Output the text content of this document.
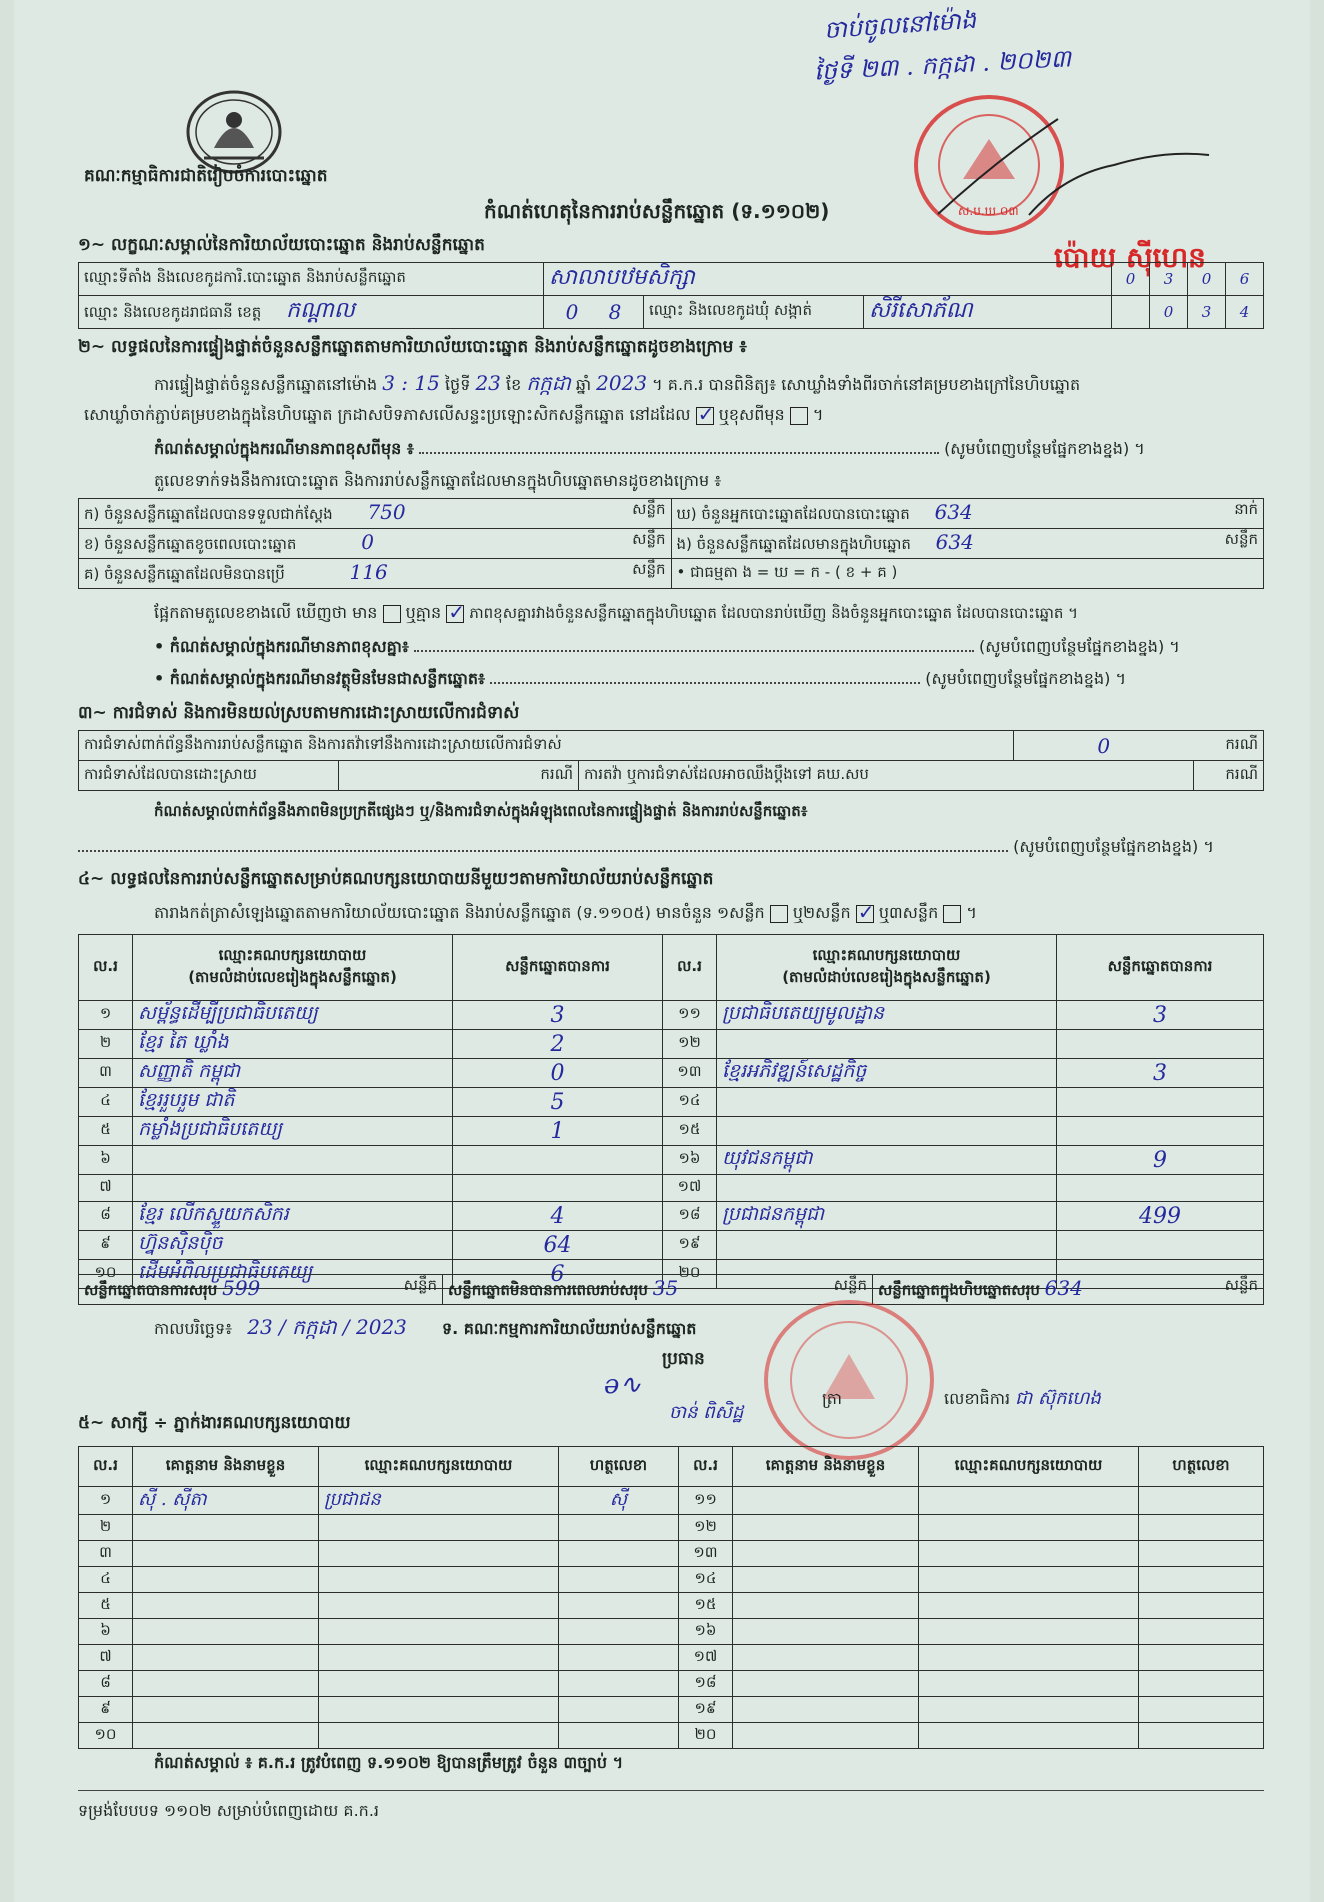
ចាប់ចូលនៅម៉ោង
ថ្ងៃទី ២៣ . កក្កដា . ២០២៣
ស.ប.ឃ ០៣
ប៉ោយ ស៊ីហេន
គណៈកម្មាធិការជាតិរៀបចំការបោះឆ្នោត
កំណត់ហេតុនៃការរាប់សន្លឹកឆ្នោត (ទ.១១០២)
១~ លក្ខណៈសម្គាល់នៃការិយាល័យបោះឆ្នោត និងរាប់សន្លឹកឆ្នោត
ឈ្មោះទីតាំង និងលេខកូដការិ.បោះឆ្នោត និងរាប់សន្លឹកឆ្នោត	សាលាបឋមសិក្សា			0	3	0	6
ឈ្មោះ និងលេខកូដរាជធានី ខេត្ត កណ្តាល	0 8	ឈ្មោះ និងលេខកូដឃុំ សង្កាត់	សិរីសោភ័ណ		0	3	4
២~ លទ្ធផលនៃការផ្ទៀងផ្ទាត់ចំនួនសន្លឹកឆ្នោតតាមការិយាល័យបោះឆ្នោត និងរាប់សន្លឹកឆ្នោតដូចខាងក្រោម ៖
ការផ្ទៀងផ្ទាត់ចំនួនសន្លឹកឆ្នោតនៅម៉ោង 3 : 15 ថ្ងៃទី 23 ខែ កក្កដា ឆ្នាំ 2023 ។ គ.ក.រ បានពិនិត្យ៖ សោឃ្លាំងទាំងពីរចាក់នៅគម្របខាងក្រៅនៃហិបឆ្នោត
សោឃ្លាំចាក់ភ្ជាប់គម្របខាងក្នុងនៃហិបឆ្នោត ក្រដាសបិទភាសលើសន្ទះប្រឡោះសិកសន្លឹកឆ្នោត នៅដដែល ✓ ឬខុសពីមុន  ។
កំណត់សម្គាល់ក្នុងករណីមានភាពខុសពីមុន ៖	(សូមបំពេញបន្ថែមផ្នែកខាងខ្នង) ។
តួលេខទាក់ទងនឹងការបោះឆ្នោត និងការរាប់សន្លឹកឆ្នោតដែលមានក្នុងហិបឆ្នោតមានដូចខាងក្រោម ៖
ក) ចំនួនសន្លឹកឆ្នោតដែលបានទទួលជាក់ស្តែង 750 សន្លឹក	ឃ) ចំនួនអ្នកបោះឆ្នោតដែលបានបោះឆ្នោត 634 នាក់

ខ) ចំនួនសន្លឹកឆ្នោតខូចពេលបោះឆ្នោត 0 សន្លឹក	ង) ចំនួនសន្លឹកឆ្នោតដែលមានក្នុងហិបឆ្នោត 634 សន្លឹក

គ) ចំនួនសន្លឹកឆ្នោតដែលមិនបានប្រើ 116 សន្លឹក	• ជាធម្មតា ង = ឃ = ក - ( ខ + គ )
ផ្អែកតាមតួលេខខាងលើ ឃើញថា មាន ឬគ្មាន ✓ ភាពខុសគ្នារវាងចំនួនសន្លឹកឆ្នោតក្នុងហិបឆ្នោត ដែលបានរាប់ឃើញ និងចំនួនអ្នកបោះឆ្នោត ដែលបានបោះឆ្នោត ។
• កំណត់សម្គាល់ក្នុងករណីមានភាពខុសគ្នា៖	(សូមបំពេញបន្ថែមផ្នែកខាងខ្នង) ។
• កំណត់សម្គាល់ក្នុងករណីមានវត្ថុមិនមែនជាសន្លឹកឆ្នោត៖	(សូមបំពេញបន្ថែមផ្នែកខាងខ្នង) ។
៣~ ការជំទាស់ និងការមិនយល់ស្របតាមការដោះស្រាយលើការជំទាស់
ការជំទាស់ពាក់ព័ន្ធនឹងការរាប់សន្លឹកឆ្នោត និងការតវ៉ាទៅនឹងការដោះស្រាយលើការជំទាស់			0	ករណី
ការជំទាស់ដែលបានដោះស្រាយ	ករណី	ការតវ៉ា ឬការជំទាស់ដែលអាចឈឹងប្តឹងទៅ គឃ.សប		ករណី
កំណត់សម្គាល់ពាក់ព័ន្ធនឹងភាពមិនប្រក្រតីផ្សេងៗ ឬ/និងការជំទាស់ក្នុងអំឡុងពេលនៃការផ្ទៀងផ្ទាត់ និងការរាប់សន្លឹកឆ្នោត៖
(សូមបំពេញបន្ថែមផ្នែកខាងខ្នង) ។
៤~ លទ្ធផលនៃការរាប់សន្លឹកឆ្នោតសម្រាប់គណបក្សនយោបាយនីមួយៗតាមការិយាល័យរាប់សន្លឹកឆ្នោត
តារាងកត់ត្រាសំឡេងឆ្នោតតាមការិយាល័យបោះឆ្នោត និងរាប់សន្លឹកឆ្នោត (ទ.១១០៥) មានចំនួន ១សន្លឹក ឬ២សន្លឹក ✓ ឬ៣សន្លឹក  ។
ល.រ	ឈ្មោះគណបក្សនយោបាយ
(តាមលំដាប់លេខរៀងក្នុងសន្លឹកឆ្នោត)	សន្លឹកឆ្នោតបានការ	ល.រ	ឈ្មោះគណបក្សនយោបាយ
(តាមលំដាប់លេខរៀងក្នុងសន្លឹកឆ្នោត)	សន្លឹកឆ្នោតបានការ
១	សម្ព័ន្ធដើម្បីប្រជាធិបតេយ្យ	3	១១	ប្រជាធិបតេយ្យមូលដ្ឋាន	3
២	ខ្មែរ តៃ ឃ្លាំង	2	១២		
៣	សញ្ញាតិ កម្ពុជា	0	១៣	ខ្មែរអភិវឌ្ឍន៍សេដ្ឋកិច្ច	3
៤	ខ្មែររួបរួម ជាតិ	5	១៤		
៥	កម្លាំងប្រជាធិបតេយ្យ	1	១៥		
៦			១៦	យុវជនកម្ពុជា	9
៧			១៧		
៨	ខ្មែរ លើកស្ទួយកសិករ	4	១៨	ប្រជាជនកម្ពុជា	499
៩	ហ្វ៊ុនស៊ិនប៉ិច	64	១៩		
១០	ដើមអំពិលប្រជាធិបតេយ្យ	6	២០		
សន្លឹកឆ្នោតបានការសរុប 599	សន្លឹក	សន្លឹកឆ្នោតមិនបានការពេលរាប់សរុប 35	សន្លឹក	សន្លឹកឆ្នោតក្នុងហិបឆ្នោតសរុប 634	សន្លឹក
កាលបរិច្ឆេទ៖ 23 / កក្កដា / 2023 ទ. គណៈកម្មការការិយាល័យរាប់សន្លឹកឆ្នោត
ប្រធាន
ǝ∿
ចាន់ ពិសិដ្ឋ
ត្រា	លេខាធិការ ជា ស៊ុកហេង
៥~ សាក្សី ÷ ភ្នាក់ងារគណបក្សនយោបាយ
ល.រ	គោត្តនាម និងនាមខ្លួន	ឈ្មោះគណបក្សនយោបាយ	ហត្ថលេខា	ល.រ	គោត្តនាម និងនាមខ្លួន	ឈ្មោះគណបក្សនយោបាយ	ហត្ថលេខា
១	ស៊ី . ស៊ីតា	ប្រជាជន	ស៊ី	១១			
២				១២			
៣				១៣			
៤				១៤			
៥				១៥			
៦				១៦			
៧				១៧			
៨				១៨			
៩				១៩			
១០				២០			
កំណត់សម្គាល់ ៖ គ.ក.រ ត្រូវបំពេញ ទ.១១០២ ឱ្យបានត្រឹមត្រូវ ចំនួន ៣ច្បាប់ ។
ទម្រង់បែបបទ ១១០២ សម្រាប់បំពេញដោយ គ.ក.រ
